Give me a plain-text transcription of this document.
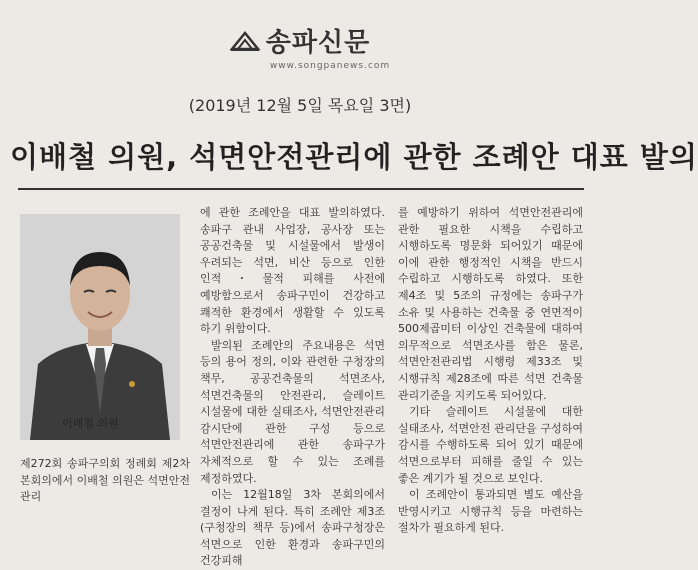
송파신문
www.songpanews.com
(2019년 12월 5일 목요일 3면)
이배철 의원, 석면안전관리에 관한 조례안 대표 발의
이배철 의원
제272회 송파구의회 정례회 제2차 본회의에서 이배철 의원은 석면안전관리

에 관한 조례안을 대표 발의하였다. 송파구 관내 사업장, 공사장 또는 공공건축물 및 시설물에서 발생이 우려되는 석면, 비산 등으로 인한 인적・물적 피해를 사전에 예방함으로서 송파구민이 건강하고 쾌적한 환경에서 생활할 수 있도록 하기 위함이다.

발의된 조례안의 주요내용은 석면 등의 용어 정의, 이와 관련한 구청장의 책무, 공공건축물의 석면조사, 석면건축물의 안전관리, 슬레이트 시설물에 대한 실태조사, 석면안전관리 감시단에 관한 구성 등으로 석면안전관리에 관한 송파구가 자체적으로 할 수 있는 조례를 제정하였다.

이는 12월18일 3차 본회의에서 결정이 나게 된다. 특히 조례안 제3조(구청장의 책무 등)에서 송파구청장은 석면으로 인한 환경과 송파구민의 건강피해

를 예방하기 위하여 석면안전관리에 관한 필요한 시책을 수립하고 시행하도록 명문화 되어있기 때문에 이에 관한 행정적인 시책을 반드시 수립하고 시행하도록 하였다. 또한 제4조 및 5조의 규정에는 송파구가 소유 및 사용하는 건축물 중 연면적이 500제곱미터 이상인 건축물에 대하여 의무적으로 석면조사를 함은 물론, 석면안전관리법 시행령 제33조 및 시행규칙 제28조에 따른 석면 건축물 관리기준을 지키도록 되어있다.

기타 슬레이트 시설물에 대한 실태조사, 석면안전 관리단을 구성하여 감시를 수행하도록 되어 있기 때문에 석면으로부터 피해를 줄일 수 있는 좋은 계기가 될 것으로 보인다.

이 조례안이 통과되면 별도 예산을 반영시키고 시행규칙 등을 마련하는 절차가 필요하게 된다.
